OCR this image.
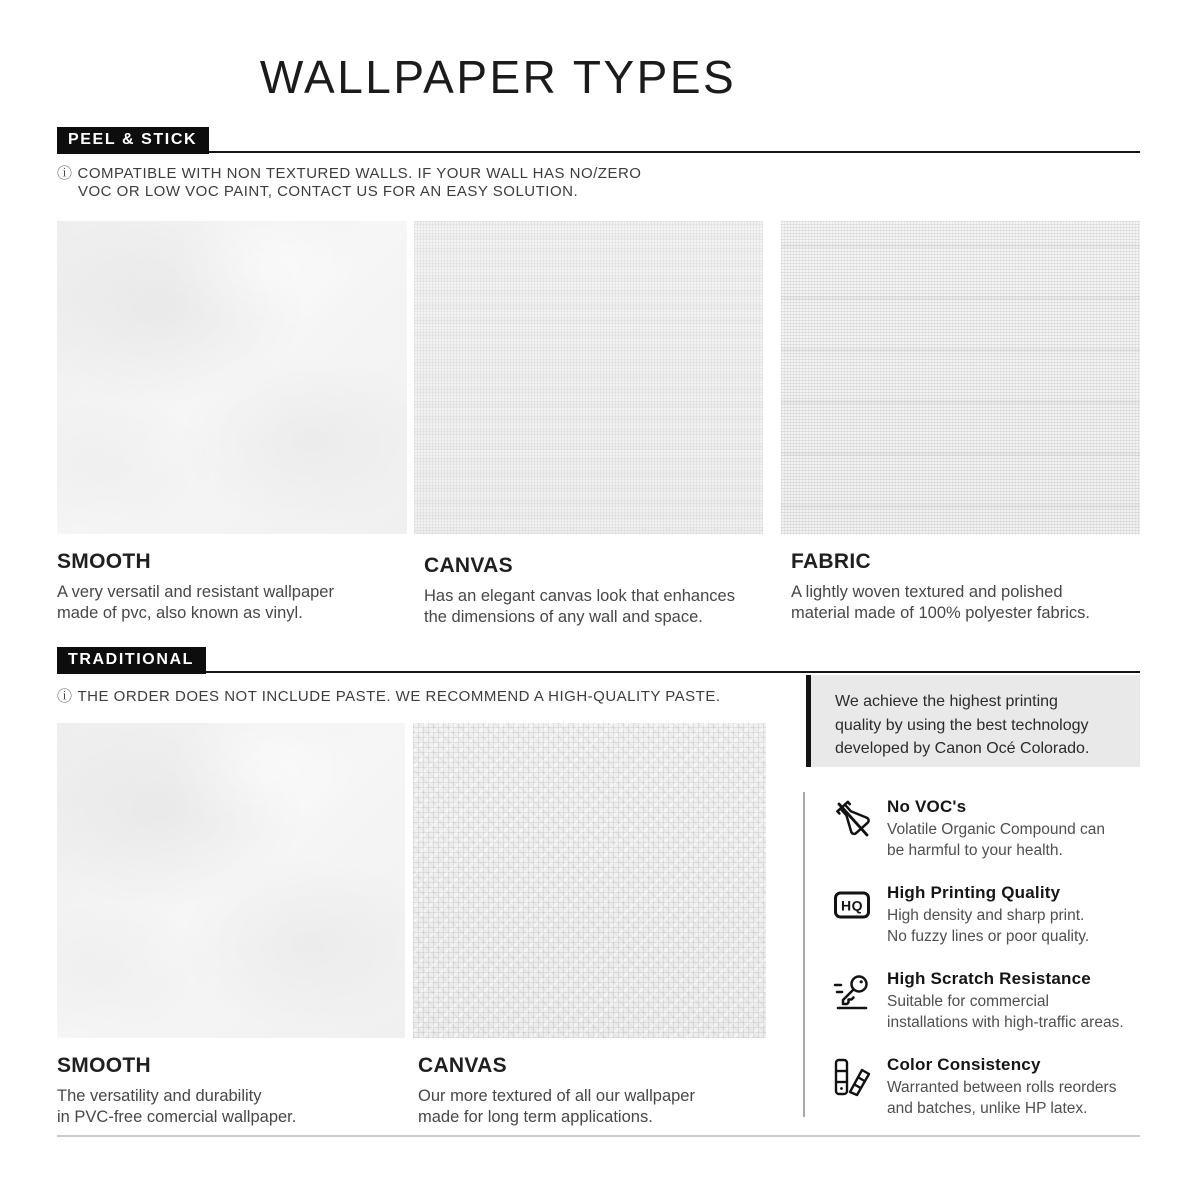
WALLPAPER TYPES
PEEL & STICK
ⓘ COMPATIBLE WITH NON TEXTURED WALLS. IF YOUR WALL HAS NO/ZERO
VOC OR LOW VOC PAINT, CONTACT US FOR AN EASY SOLUTION.
SMOOTH
A very versatil and resistant wallpaper
made of pvc, also known as vinyl.
CANVAS
Has an elegant canvas look that enhances
the dimensions of any wall and space.
FABRIC
A lightly woven textured and polished
material made of 100% polyester fabrics.
TRADITIONAL
ⓘ THE ORDER DOES NOT INCLUDE PASTE. WE RECOMMEND A HIGH-QUALITY PASTE.
SMOOTH
The versatility and durability
in PVC-free comercial wallpaper.
CANVAS
Our more textured of all our wallpaper
made for long term applications.
We achieve the highest printing
quality by using the best technology
developed by Canon Océ Colorado.
No VOC's
Volatile Organic Compound can
be harmful to your health.
HQ
High Printing Quality
High density and sharp print.
No fuzzy lines or poor quality.
High Scratch Resistance
Suitable for commercial
installations with high-traffic areas.
Color Consistency
Warranted between rolls reorders
and batches, unlike HP latex.
